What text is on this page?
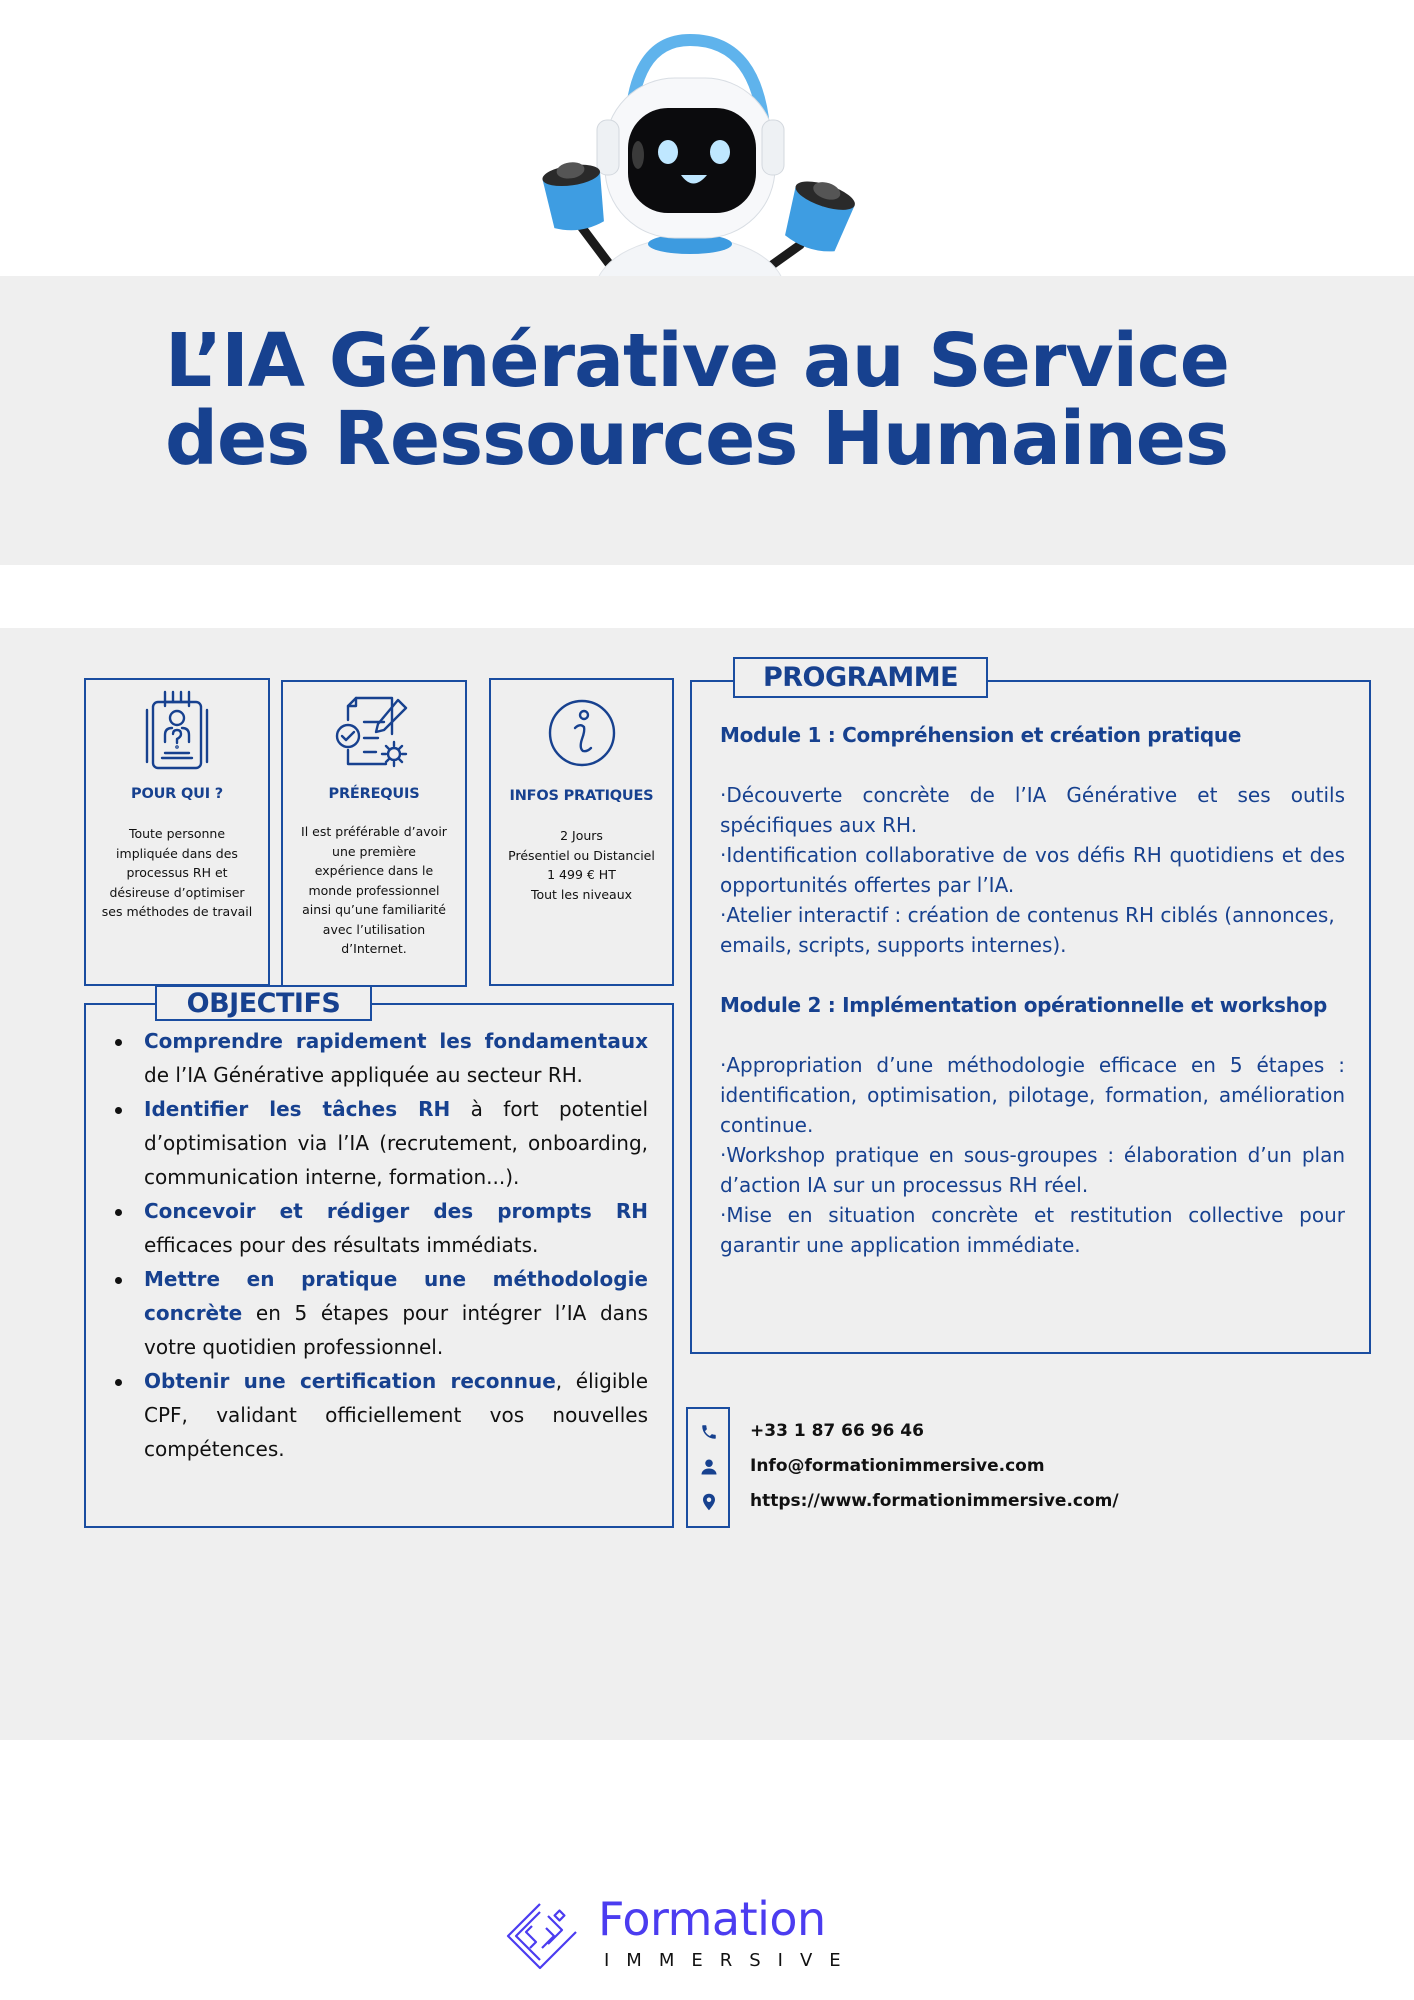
L’IA Générative au Service
des Ressources Humaines
POUR QUI ?
Toute personne
impliquée dans des
processus RH et
désireuse d’optimiser
ses méthodes de travail
PRÉREQUIS
Il est préférable d’avoir
une première
expérience dans le
monde professionnel
ainsi qu’une familiarité
avec l’utilisation
d’Internet.
INFOS PRATIQUES
2 Jours
Présentiel ou Distanciel
1 499 € HT
Tout les niveaux
OBJECTIFS
Comprendre rapidement les fondamentaux de l’IA Générative appliquée au secteur RH.
Identifier les tâches RH à fort potentiel d’optimisation via l’IA (recrutement, onboarding, communication interne, formation...).
Concevoir et rédiger des prompts RH efficaces pour des résultats immédiats.
Mettre en pratique une méthodologie concrète en 5 étapes pour intégrer l’IA dans votre quotidien professionnel.
Obtenir une certification reconnue, éligible CPF, validant officiellement vos nouvelles compétences.
PROGRAMME

Module 1 : Compréhension et création pratique

·Découverte concrète de l’IA Générative et ses outils spécifiques aux RH.

·Identification collaborative de vos défis RH quotidiens et des opportunités offertes par l’IA.

·Atelier interactif : création de contenus RH ciblés (annonces,

emails, scripts, supports internes).

Module 2 : Implémentation opérationnelle et workshop

·Appropriation d’une méthodologie efficace en 5 étapes : identification, optimisation, pilotage, formation, amélioration continue.

·Workshop pratique en sous-groupes : élaboration d’un plan d’action IA sur un processus RH réel.

·Mise en situation concrète et restitution collective pour garantir une application immédiate.

+33 1 87 66 96 46
Info@formationimmersive.com
https://www.formationimmersive.com/
Formation
IMMERSIVE
